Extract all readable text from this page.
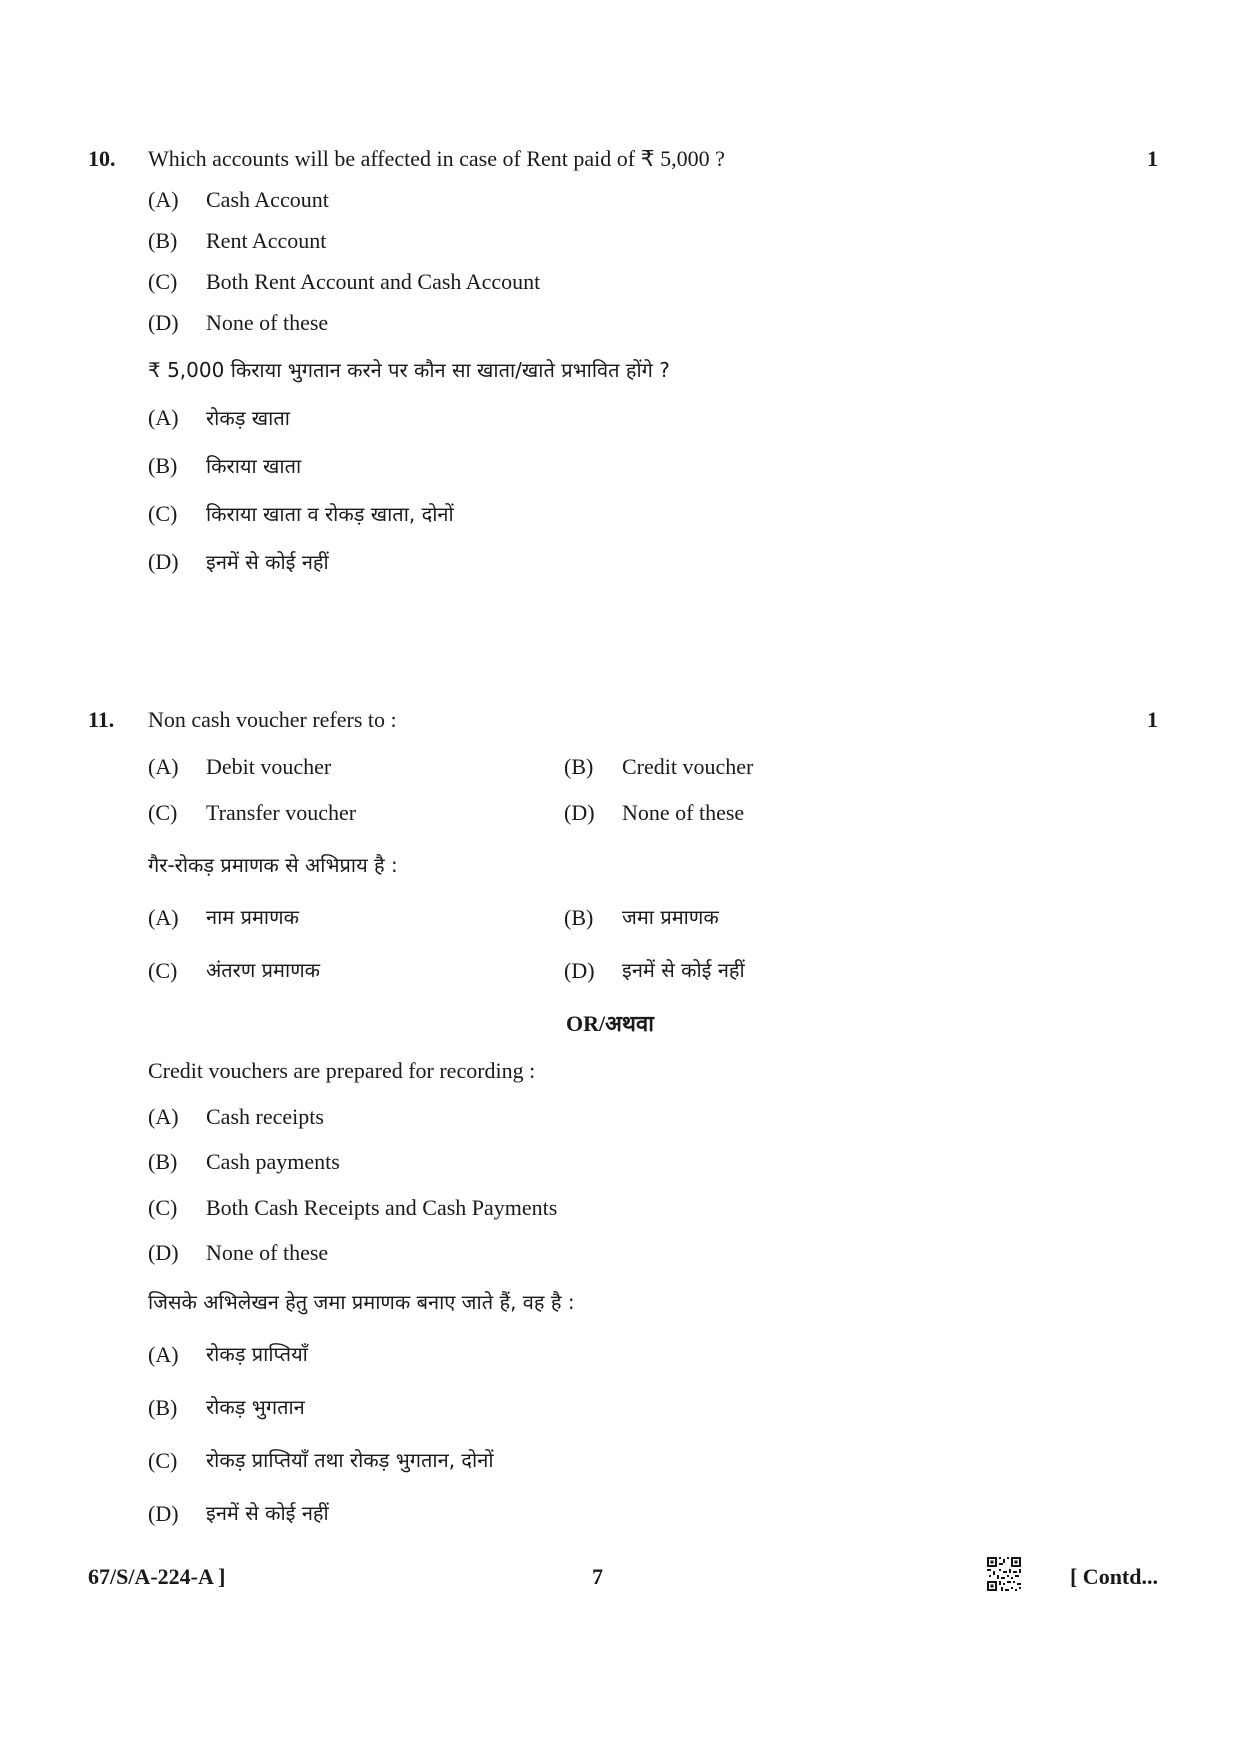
10. Which accounts will be affected in case of Rent paid of ₹ 5,000 ?	1
(A) Cash Account
(B) Rent Account
(C) Both Rent Account and Cash Account
(D) None of these
₹ 5,000 किराया भुगतान करने पर कौन सा खाता/खाते प्रभावित होंगे ?
(A) रोकड़ खाता
(B) किराया खाता
(C) किराया खाता व रोकड़ खाता, दोनों
(D) इनमें से कोई नहीं
11. Non cash voucher refers to :	1
(A) Debit voucher	(B) Credit voucher
(C) Transfer voucher	(D) None of these
गैर-रोकड़ प्रमाणक से अभिप्राय है :
(A) नाम प्रमाणक	(B) जमा प्रमाणक
(C) अंतरण प्रमाणक	(D) इनमें से कोई नहीं
OR/अथवा
Credit vouchers are prepared for recording :
(A) Cash receipts
(B) Cash payments
(C) Both Cash Receipts and Cash Payments
(D) None of these
जिसके अभिलेखन हेतु जमा प्रमाणक बनाए जाते हैं, वह है :
(A) रोकड़ प्राप्तियाँ
(B) रोकड़ भुगतान
(C) रोकड़ प्राप्तियाँ तथा रोकड़ भुगतान, दोनों
(D) इनमें से कोई नहीं
67/S/A-224-A ]	7	[ Contd...
